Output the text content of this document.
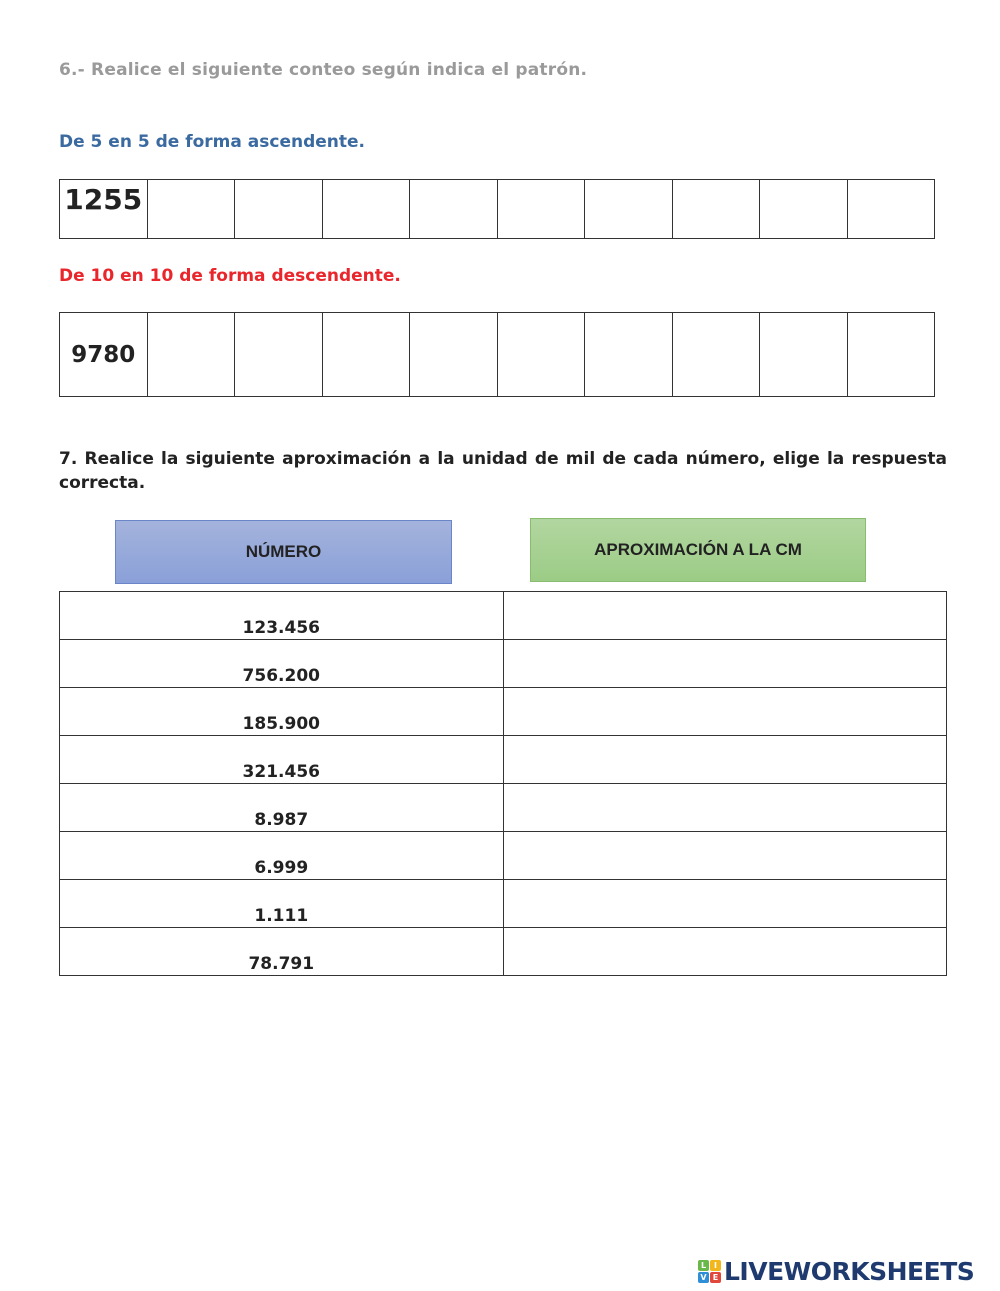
6.- Realice el siguiente conteo según indica el patrón.
De 5 en 5 de forma ascendente.
1255
De 10 en 10 de forma descendente.
9780
7. Realice la siguiente aproximación a la unidad de mil de cada número, elige la respuesta correcta.
NÚMERO	APROXIMACIÓN A LA CM
123.456	
756.200	
185.900	
321.456	
8.987	
6.999	
1.111	
78.791	
L I
V E LIVEWORKSHEETS
